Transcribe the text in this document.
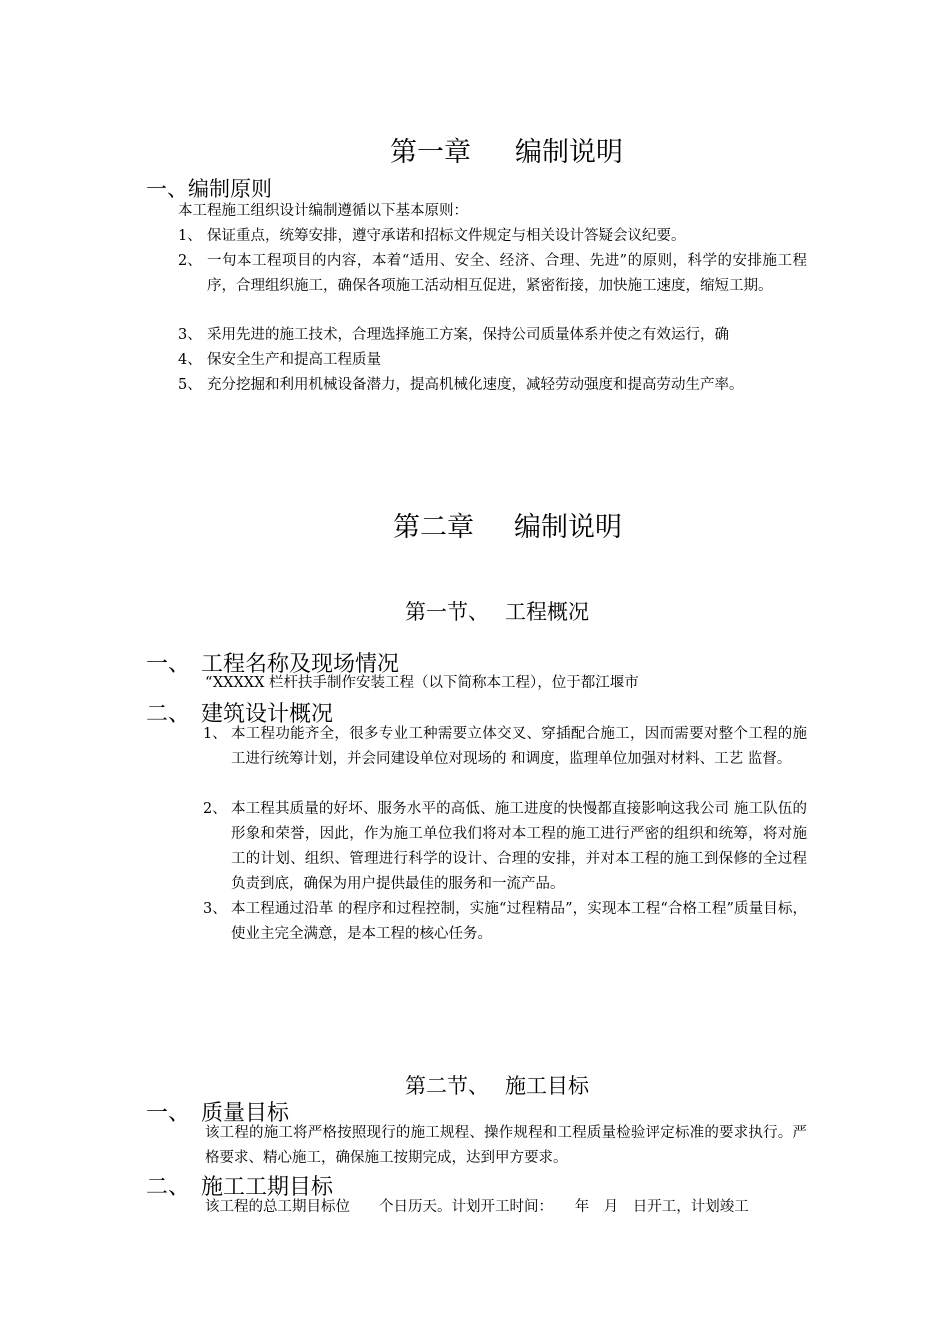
第一章 编制说明
一、编制原则
本工程施工组织设计编制遵循以下基本原则：
1、 保证重点，统筹安排，遵守承诺和招标文件规定与相关设计答疑会议纪要。
2、 一句本工程项目的内容，本着“适用、安全、经济、合理、先进”的原则，科学的安排施工程序，合理组织施工，确保各项施工活动相互促进，紧密衔接，加快施工速度，缩短工期。
3、 采用先进的施工技术，合理选择施工方案，保持公司质量体系并使之有效运行，确
4、 保安全生产和提高工程质量
5、 充分挖掘和利用机械设备潜力，提高机械化速度，减轻劳动强度和提高劳动生产率。
第二章 编制说明
第一节、 工程概况
一、 工程名称及现场情况
“XXXXX 栏杆扶手制作安装工程（以下简称本工程），位于都江堰市
二、 建筑设计概况
1、 本工程功能齐全，很多专业工种需要立体交叉、穿插配合施工，因而需要对整个工程的施工进行统筹计划，并会同建设单位对现场的 和调度，监理单位加强对材料、工艺 监督。
2、 本工程其质量的好坏、服务水平的高低、施工进度的快慢都直接影响这我公司 施工队伍的形象和荣誉，因此，作为施工单位我们将对本工程的施工进行严密的组织和统筹，将对施工的计划、组织、管理进行科学的设计、合理的安排，并对本工程的施工到保修的全过程负责到底，确保为用户提供最佳的服务和一流产品。
3、 本工程通过沿革 的程序和过程控制，实施“过程精品”，实现本工程“合格工程”质量目标，使业主完全满意，是本工程的核心任务。
第二节、 施工目标
一、 质量目标
该工程的施工将严格按照现行的施工规程、操作规程和工程质量检验评定标准的要求执行。严格要求、精心施工，确保施工按期完成，达到甲方要求。
二、 施工工期目标
该工程的总工期目标位　　个日历天。计划开工时间：　　年　月　日开工，计划竣工
